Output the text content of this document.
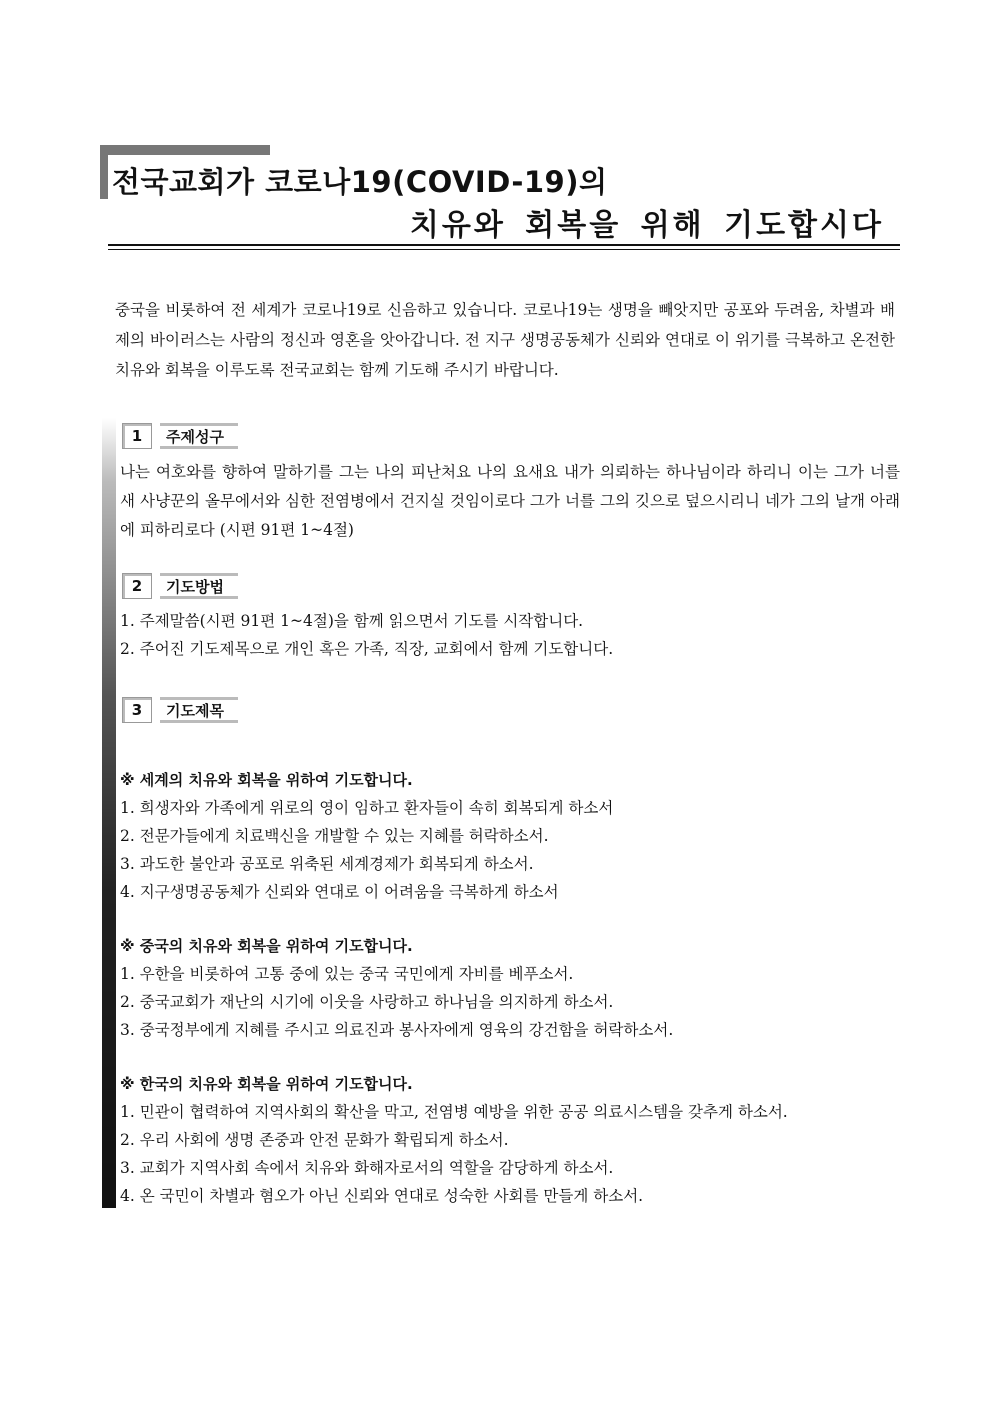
전국교회가 코로나19(COVID-19)의
치유와 회복을 위해 기도합시다

중국을 비롯하여 전 세계가 코로나19로 신음하고 있습니다. 코로나19는 생명을 빼앗지만 공포와 두려움, 차별과 배제의 바이러스는 사람의 정신과 영혼을 앗아갑니다. 전 지구 생명공동체가 신뢰와 연대로 이 위기를 극복하고 온전한 치유와 회복을 이루도록 전국교회는 함께 기도해 주시기 바랍니다.

1	주제성구

나는 여호와를 향하여 말하기를 그는 나의 피난처요 나의 요새요 내가 의뢰하는 하나님이라 하리니 이는 그가 너를 새 사냥꾼의 올무에서와 심한 전염병에서 건지실 것임이로다 그가 너를 그의 깃으로 덮으시리니 네가 그의 날개 아래에 피하리로다 (시편 91편 1~4절)

2	기도방법

1. 주제말씀(시편 91편 1~4절)을 함께 읽으면서 기도를 시작합니다.

2. 주어진 기도제목으로 개인 혹은 가족, 직장, 교회에서 함께 기도합니다.

3	기도제목

※ 세계의 치유와 회복을 위하여 기도합니다.

1. 희생자와 가족에게 위로의 영이 임하고 환자들이 속히 회복되게 하소서

2. 전문가들에게 치료백신을 개발할 수 있는 지혜를 허락하소서.

3. 과도한 불안과 공포로 위축된 세계경제가 회복되게 하소서.

4. 지구생명공동체가 신뢰와 연대로 이 어려움을 극복하게 하소서

※ 중국의 치유와 회복을 위하여 기도합니다.

1. 우한을 비롯하여 고통 중에 있는 중국 국민에게 자비를 베푸소서.

2. 중국교회가 재난의 시기에 이웃을 사랑하고 하나님을 의지하게 하소서.

3. 중국정부에게 지혜를 주시고 의료진과 봉사자에게 영육의 강건함을 허락하소서.

※ 한국의 치유와 회복을 위하여 기도합니다.

1. 민관이 협력하여 지역사회의 확산을 막고, 전염병 예방을 위한 공공 의료시스템을 갖추게 하소서.

2. 우리 사회에 생명 존중과 안전 문화가 확립되게 하소서.

3. 교회가 지역사회 속에서 치유와 화해자로서의 역할을 감당하게 하소서.

4. 온 국민이 차별과 혐오가 아닌 신뢰와 연대로 성숙한 사회를 만들게 하소서.
